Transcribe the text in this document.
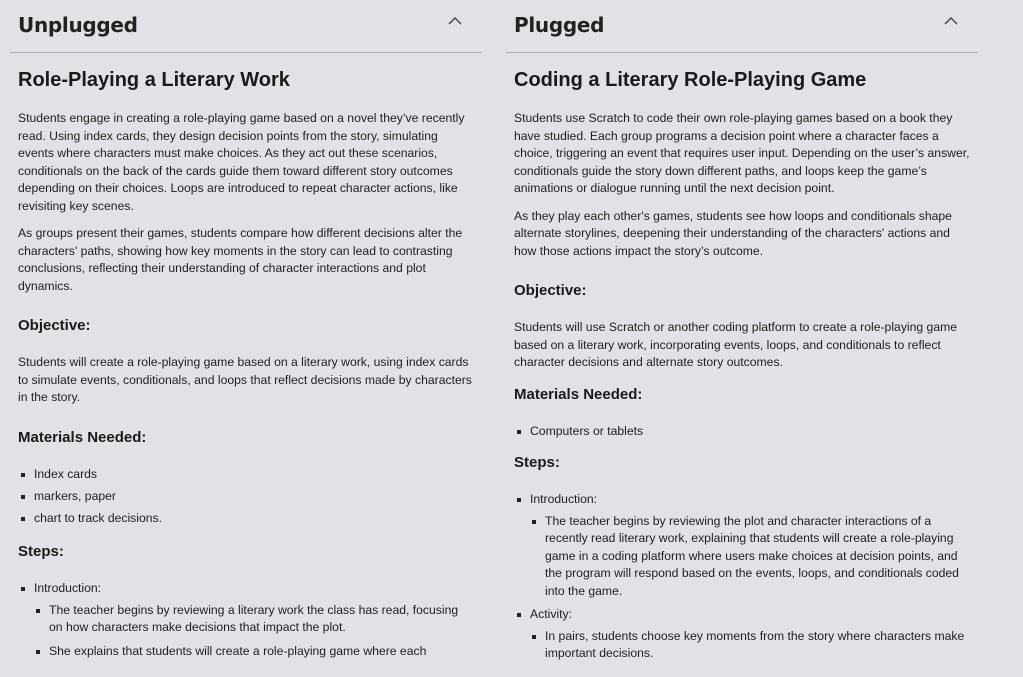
Unplugged
Role-Playing a Literary Work

Students engage in creating a role-playing game based on a novel they’ve recently read. Using index cards, they design decision points from the story, simulating events where characters must make choices. As they act out these scenarios, conditionals on the back of the cards guide them toward different story outcomes depending on their choices. Loops are introduced to repeat character actions, like revisiting key scenes.

As groups present their games, students compare how different decisions alter the characters' paths, showing how key moments in the story can lead to contrasting conclusions, reflecting their understanding of character interactions and plot dynamics.

Objective:

Students will create a role-playing game based on a literary work, using index cards to simulate events, conditionals, and loops that reflect decisions made by characters in the story.

Materials Needed:
Index cards
markers, paper
chart to track decisions.
Steps:
Introduction:
The teacher begins by reviewing a literary work the class has read, focusing on how characters make decisions that impact the plot.
She explains that students will create a role-playing game where each
Plugged
Coding a Literary Role-Playing Game

Students use Scratch to code their own role-playing games based on a book they have studied. Each group programs a decision point where a character faces a choice, triggering an event that requires user input. Depending on the user’s answer, conditionals guide the story down different paths, and loops keep the game’s animations or dialogue running until the next decision point.

As they play each other's games, students see how loops and conditionals shape alternate storylines, deepening their understanding of the characters' actions and how those actions impact the story’s outcome.

Objective:

Students will use Scratch or another coding platform to create a role-playing game based on a literary work, incorporating events, loops, and conditionals to reflect character decisions and alternate story outcomes.

Materials Needed:
Computers or tablets
Steps:
Introduction:
The teacher begins by reviewing the plot and character interactions of a recently read literary work, explaining that students will create a role-playing game in a coding platform where users make choices at decision points, and the program will respond based on the events, loops, and conditionals coded into the game.
Activity:
In pairs, students choose key moments from the story where characters make important decisions.
